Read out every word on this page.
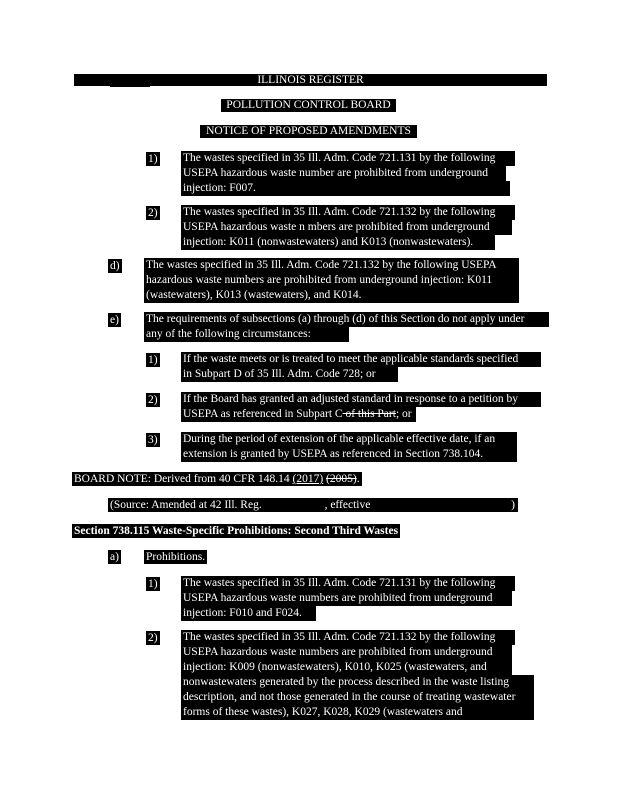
ILLINOIS REGISTER
POLLUTION CONTROL BOARD
NOTICE OF PROPOSED AMENDMENTS
1) The wastes specified in 35 Ill. Adm. Code 721.131 by the following
USEPA hazardous waste number are prohibited from underground
injection: F007.
2) The wastes specified in 35 Ill. Adm. Code 721.132 by the following
USEPA hazardous waste n mbers are prohibited from underground
injection: K011 (nonwastewaters) and K013 (nonwastewaters).
d) The wastes specified in 35 Ill. Adm. Code 721.132 by the following USEPA
hazardous waste numbers are prohibited from underground injection: K011
(wastewaters), K013 (wastewaters), and K014.
e) The requirements of subsections (a) through (d) of this Section do not apply under
any of the following circumstances:
1) If the waste meets or is treated to meet the applicable standards specified
in Subpart D of 35 Ill. Adm. Code 728; or
2) If the Board has granted an adjusted standard in response to a petition by
USEPA as referenced in Subpart C of this Part; or
3) During the period of extension of the applicable effective date, if an
extension is granted by USEPA as referenced in Section 738.104.
BOARD NOTE: Derived from 40 CFR 148.14 (2017) (2005).
(Source: Amended at 42 Ill. Reg.	, effective	)
Section 738.115 Waste-Specific Prohibitions: Second Third Wastes
a) Prohibitions.
1) The wastes specified in 35 Ill. Adm. Code 721.131 by the following
USEPA hazardous waste numbers are prohibited from underground
injection: F010 and F024.
2) The wastes specified in 35 Ill. Adm. Code 721.132 by the following
USEPA hazardous waste numbers are prohibited from underground
injection: K009 (nonwastewaters), K010, K025 (wastewaters, and
nonwastewaters generated by the process described in the waste listing
description, and not those generated in the course of treating wastewater
forms of these wastes), K027, K028, K029 (wastewaters and
